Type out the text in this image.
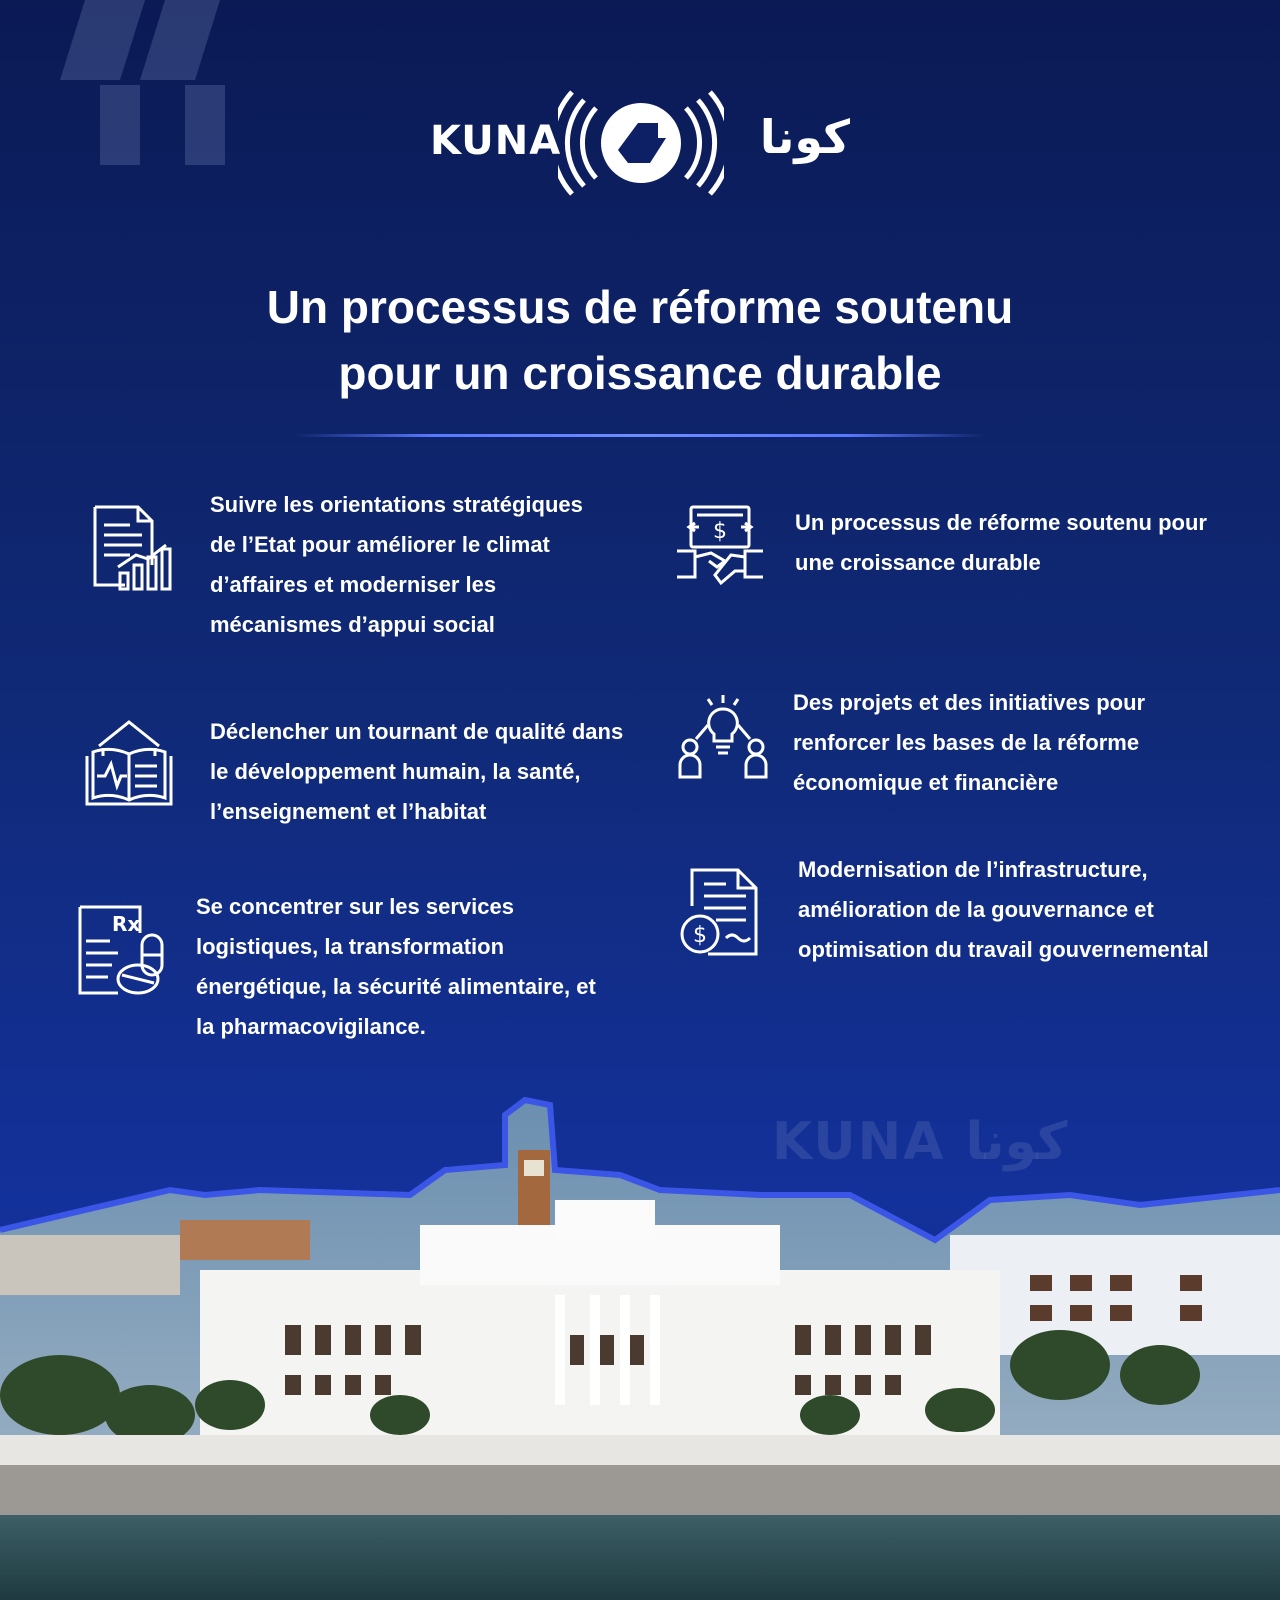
KUNA	كونا
Un processus de réforme soutenu
pour un croissance durable
Suivre les orientations stratégiques de l’Etat pour améliorer le climat d’affaires et moderniser les mécanismes d’appui social
$	Un processus de réforme soutenu pour une croissance durable
Déclencher un tournant de qualité dans le développement humain, la santé, l’enseignement et l’habitat
Des projets et des initiatives pour renforcer les bases de la réforme économique et financière
Rx
Se concentrer sur les services logistiques, la transformation énergétique, la sécurité alimentaire, et la pharmacovigilance.
$
Modernisation de l’infrastructure, amélioration de la gouvernance et optimisation du travail gouvernemental
KUNA كونا
